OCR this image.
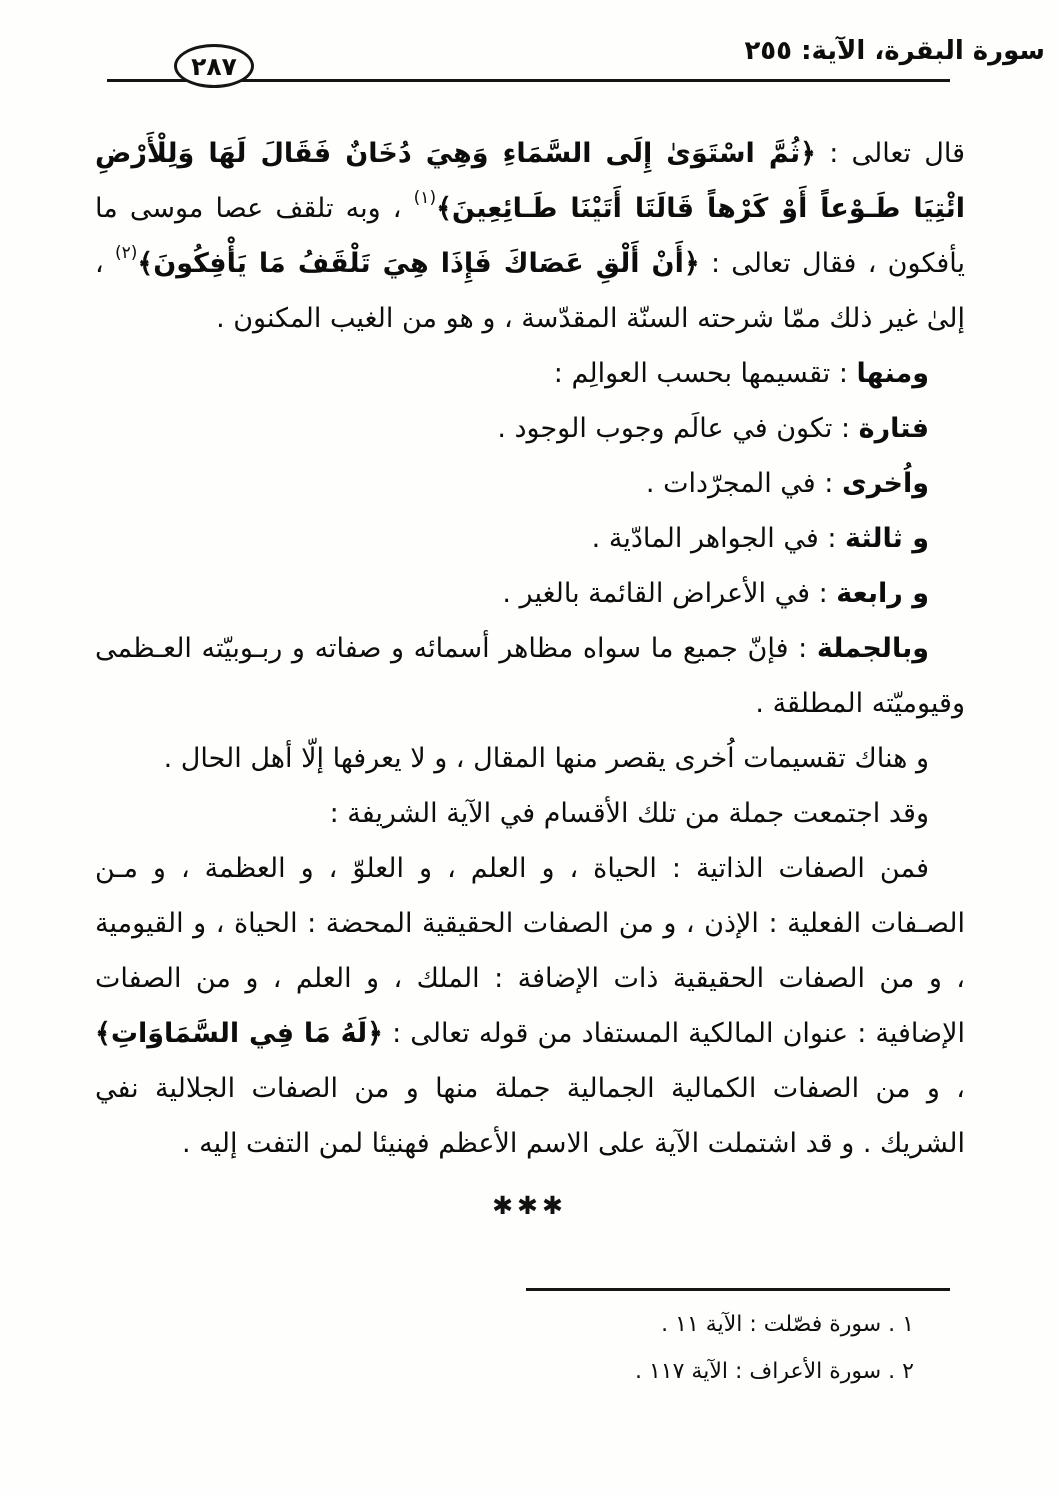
سورة البقرة، الآية: ٢٥٥
٢٨٧

قال تعالى : ﴿ثُمَّ اسْتَوَىٰ إِلَى السَّمَاءِ وَهِيَ دُخَانٌ فَقَالَ لَهَا وَلِلْأَرْضِ ائْتِيَا طَـوْعاً أَوْ كَرْهاً قَالَتَا أَتَيْنَا طَـائِعِينَ﴾$^{(١)}$ ، وبه تلقف عصا موسى ما يأفكون ، فقال تعالى : ﴿أَنْ أَلْقِ عَصَاكَ فَإِذَا هِيَ تَلْقَفُ مَا يَأْفِكُونَ﴾$^{(٢)}$ ، إلىٰ غير ذلك ممّا شرحته السنّة المقدّسة ، و هو من الغيب المكنون .

ومنها : تقسيمها بحسب العوالِم :

فتارة : تكون في عالَم وجوب الوجود .

واُخرى : في المجرّدات .

و ثالثة : في الجواهر المادّية .

و رابعة : في الأعراض القائمة بالغير .

وبالجملة : فإنّ جميع ما سواه مظاهر أسمائه و صفاته و ربـوبيّته العـظمى وقيوميّته المطلقة .

و هناك تقسيمات اُخرى يقصر منها المقال ، و لا يعرفها إلّا أهل الحال .

وقد اجتمعت جملة من تلك الأقسام في الآية الشريفة :

فمن الصفات الذاتية : الحياة ، و العلم ، و العلوّ ، و العظمة ، و مـن الصـفات الفعلية : الإذن ، و من الصفات الحقيقية المحضة : الحياة ، و القيومية ، و من الصفات الحقيقية ذات الإضافة : الملك ، و العلم ، و من الصفات الإضافية : عنوان المالكية المستفاد من قوله تعالى : ﴿لَهُ مَا فِي السَّمَاوَاتِ﴾ ، و من الصفات الكمالية الجمالية جملة منها و من الصفات الجلالية نفي الشريك . و قد اشتملت الآية على الاسم الأعظم فهنيئا لمن التفت إليه .

✱✱✱

١ . سورة فصّلت : الآية ١١ .

٢ . سورة الأعراف : الآية ١١٧ .
